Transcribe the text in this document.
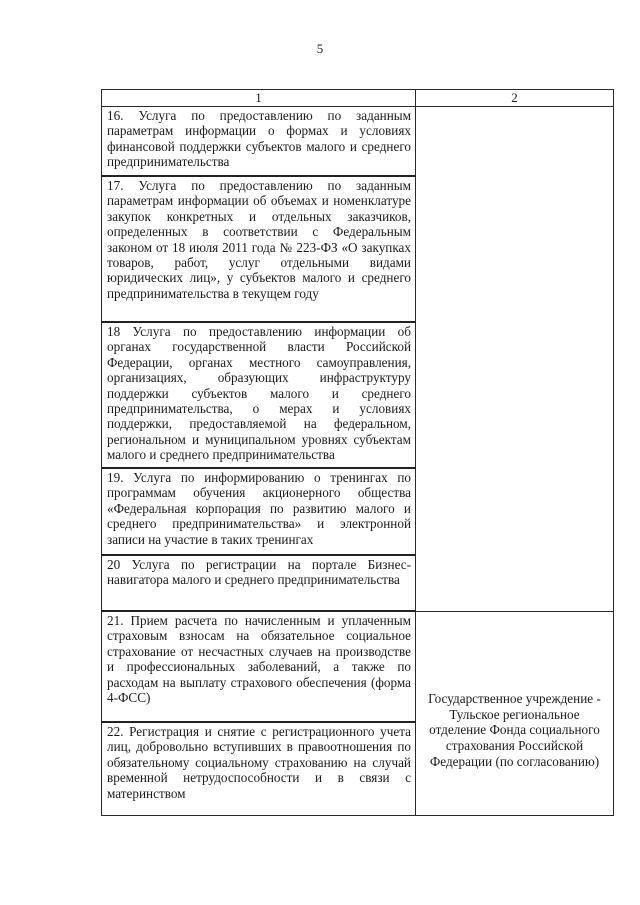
5
1	2
16. Услуга по предоставлению по заданным параметрам информации о формах и условиях финансовой поддержки субъектов малого и среднего предпринимательства	
17. Услуга по предоставлению по заданным параметрам информации об объемах и номенклатуре закупок конкретных и отдельных заказчиков, определенных в соответствии с Федеральным законом от 18 июля 2011 года № 223-ФЗ «О закупках товаров, работ, услуг отдельными видами юридических лиц», у субъектов малого и среднего предпринимательства в текущем году	
18 Услуга по предоставлению информации об органах государственной власти Российской Федерации, органах местного самоуправления, организациях, образующих инфраструктуру поддержки субъектов малого и среднего предпринимательства, о мерах и условиях поддержки, предоставляемой на федеральном, региональном и муниципальном уровнях субъектам малого и среднего предпринимательства	
19. Услуга по информированию о тренингах по программам обучения акционерного общества «Федеральная корпорация по развитию малого и среднего предпринимательства» и электронной записи на участие в таких тренингах	
20 Услуга по регистрации на портале Бизнес-навигатора малого и среднего предпринимательства	
21. Прием расчета по начисленным и уплаченным страховым взносам на обязательное социальное страхование от несчастных случаев на производстве и профессиональных заболеваний, а также по расходам на выплату страхового обеспечения (форма 4-ФСС)	Государственное учреждение - Тульское региональное отделение Фонда социального страхования Российской Федерации (по согласованию)

22. Регистрация и снятие с регистрационного учета лиц, добровольно вступивших в правоотношения по обязательному социальному страхованию на случай временной нетрудоспособности и в связи с материнством	
